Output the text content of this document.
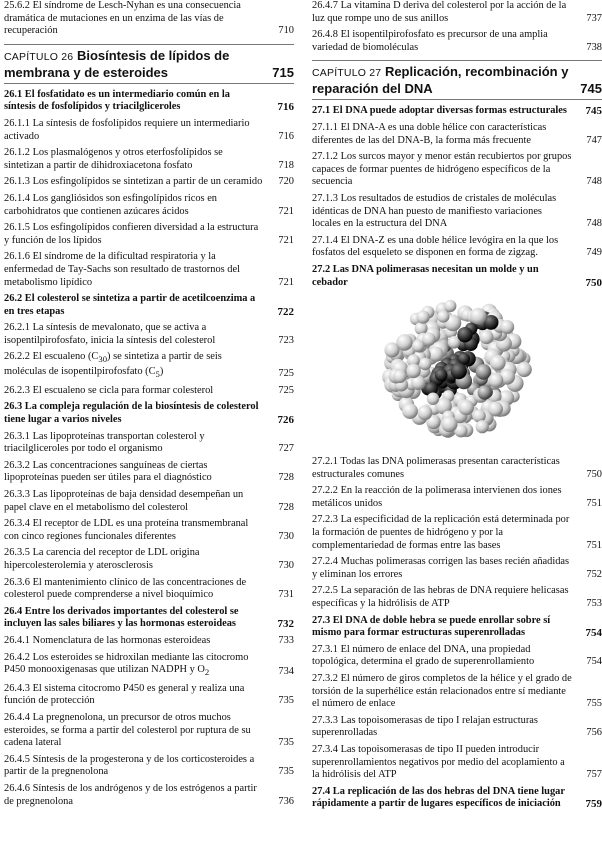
25.6.2 El síndrome de Lesch-Nyhan es una consecuencia dramática de mutaciones en un enzima de las vías de recuperación	710
CAPÍTULO 26 Biosíntesis de lípidos de membrana y de esteroides	715
26.1 El fosfatidato es un intermediario común en la síntesis de fosfolípidos y triacilgliceroles	716
26.1.1 La síntesis de fosfolípidos requiere un intermediario activado	716
26.1.2 Los plasmalógenos y otros eterfosfolípidos se sintetizan a partir de dihidroxiacetona fosfato	718
26.1.3 Los esfingolípidos se sintetizan a partir de un ceramido	720
26.1.4 Los gangliósidos son esfingolípidos ricos en carbohidratos que contienen azúcares ácidos	721
26.1.5 Los esfingolípidos confieren diversidad a la estructura y función de los lípidos	721
26.1.6 El síndrome de la dificultad respiratoria y la enfermedad de Tay-Sachs son resultado de trastornos del metabolismo lipídico	721
26.2 El colesterol se sintetiza a partir de acetilcoenzima a en tres etapas	722
26.2.1 La síntesis de mevalonato, que se activa a isopentilpirofosfato, inicia la síntesis del colesterol	723
26.2.2 El escualeno $(C_{30})$ se sintetiza a partir de seis moléculas de isopentilpirofosfato $(C_5)$	725
26.2.3 El escualeno se cicla para formar colesterol	725
26.3 La compleja regulación de la biosíntesis de colesterol tiene lugar a varios niveles	726
26.3.1 Las lipoproteínas transportan colesterol y triacilgliceroles por todo el organismo	727
26.3.2 Las concentraciones sanguíneas de ciertas lipoproteínas pueden ser útiles para el diagnóstico	728
26.3.3 Las lipoproteínas de baja densidad desempeñan un papel clave en el metabolismo del colesterol	728
26.3.4 El receptor de LDL es una proteína transmembranal con cinco regiones funcionales diferentes	730
26.3.5 La carencia del receptor de LDL origina hipercolesterolemia y aterosclerosis	730
26.3.6 El mantenimiento clínico de las concentraciones de colesterol puede comprenderse a nivel bioquímico	731
26.4 Entre los derivados importantes del colesterol se incluyen las sales biliares y las hormonas esteroideas	732
26.4.1 Nomenclatura de las hormonas esteroideas	733
26.4.2 Los esteroides se hidroxilan mediante las citocromo P450 monooxigenasas que utilizan NADPH y $O_2$	734
26.4.3 El sistema citocromo P450 es general y realiza una función de protección	735
26.4.4 La pregnenolona, un precursor de otros muchos esteroides, se forma a partir del colesterol por ruptura de su cadena lateral	735
26.4.5 Síntesis de la progesterona y de los corticosteroides a partir de la pregnenolona	735
26.4.6 Síntesis de los andrógenos y de los estrógenos a partir de pregnenolona	736
26.4.7 La vitamina D deriva del colesterol por la acción de la luz que rompe uno de sus anillos	737
26.4.8 El isopentilpirofosfato es precursor de una amplia variedad de biomoléculas	738
CAPÍTULO 27 Replicación, recombinación y reparación del DNA	745
27.1 El DNA puede adoptar diversas formas estructurales	745
27.1.1 El DNA-A es una doble hélice con características diferentes de las del DNA-B, la forma más frecuente	747
27.1.2 Los surcos mayor y menor están recubiertos por grupos capaces de formar puentes de hidrógeno específicos de la secuencia	748
27.1.3 Los resultados de estudios de cristales de moléculas idénticas de DNA han puesto de manifiesto variaciones locales en la estructura del DNA	748
27.1.4 El DNA-Z es una doble hélice levógira en la que los fosfatos del esqueleto se disponen en forma de zigzag.	749
27.2 Las DNA polimerasas necesitan un molde y un cebador	750
27.2.1 Todas las DNA polimerasas presentan características estructurales comunes	750
27.2.2 En la reacción de la polimerasa intervienen dos iones metálicos unidos	751
27.2.3 La especificidad de la replicación está determinada por la formación de puentes de hidrógeno y por la complementariedad de formas entre las bases	751
27.2.4 Muchas polimerasas corrigen las bases recién añadidas y eliminan los errores	752
27.2.5 La separación de las hebras de DNA requiere helicasas específicas y la hidrólisis de ATP	753
27.3 El DNA de doble hebra se puede enrollar sobre sí mismo para formar estructuras superenrolladas	754
27.3.1 El número de enlace del DNA, una propiedad topológica, determina el grado de superenrollamiento	754
27.3.2 El número de giros completos de la hélice y el grado de torsión de la superhélice están relacionados entre sí mediante el número de enlace	755
27.3.3 Las topoisomerasas de tipo I relajan estructuras superenrolladas	756
27.3.4 Las topoisomerasas de tipo II pueden introducir superenrollamientos negativos por medio del acoplamiento a la hidrólisis del ATP	757
27.4 La replicación de las dos hebras del DNA tiene lugar rápidamente a partir de lugares específicos de iniciación	759
